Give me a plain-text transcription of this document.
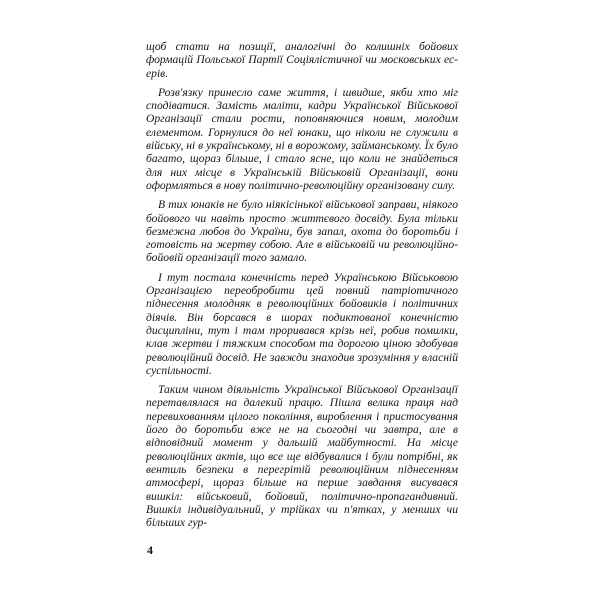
щоб стати на позиції, аналогічні до колишніх бойових формацій Польської Партії Соціялістичної чи московських ес-ерів.

Розв'язку принесло саме життя, і швидше, якби хто міг сподіватися. Замість маліти, кадри Української Військової Організації стали рости, поповняючися новим, молодим елементом. Горнулися до неї юнаки, що ніколи не служили в війську, ні в українському, ні в ворожому, займанському. Їх було багато, щораз більше, і стало ясне, що коли не знайдеться для них місце в Українській Військовій Організації, вони оформляться в нову політично-революційну організовану силу.

В тих юнаків не було ніякісінької військової заправи, ніякого бойового чи навіть просто життєвого досвіду. Була тільки безмежна любов до України, був запал, охота до боротьби і готовість на жертву собою. Але в військовій чи революційно-бойовій організації того замало.

І тут постала конечність перед Українською Військовою Організацією переобробити цей повний патріотичного піднесення молодняк в революційних бойовиків і політичних діячів. Він борсався в шорах подиктованої конечністю дисципліни, тут і там проривався крізь неї, робив помилки, клав жертви і тяжким способом та дорогою ціною здобував революційний досвід. Не завжди знаходив зрозуміння у власній суспільності.

Таким чином діяльність Української Військової Організації перетавлялася на далекий працю. Пішла велика праця над перевихованням цілого покоління, вироблення і пристосування його до боротьби вже не на сьогодні чи завтра, але в відповідний момент у дальшій майбутності. На місце революційних актів, що все ще відбувалися і були потрібні, як вентиль безпеки в перегрітій революційним піднесенням атмосфері, щораз більше на перше завдання висувався вишкіл: військовий, бойовий, політично-пропагандивний. Вишкіл індивідуальний, у трійках чи п'ятках, у менших чи більших гур-

4
